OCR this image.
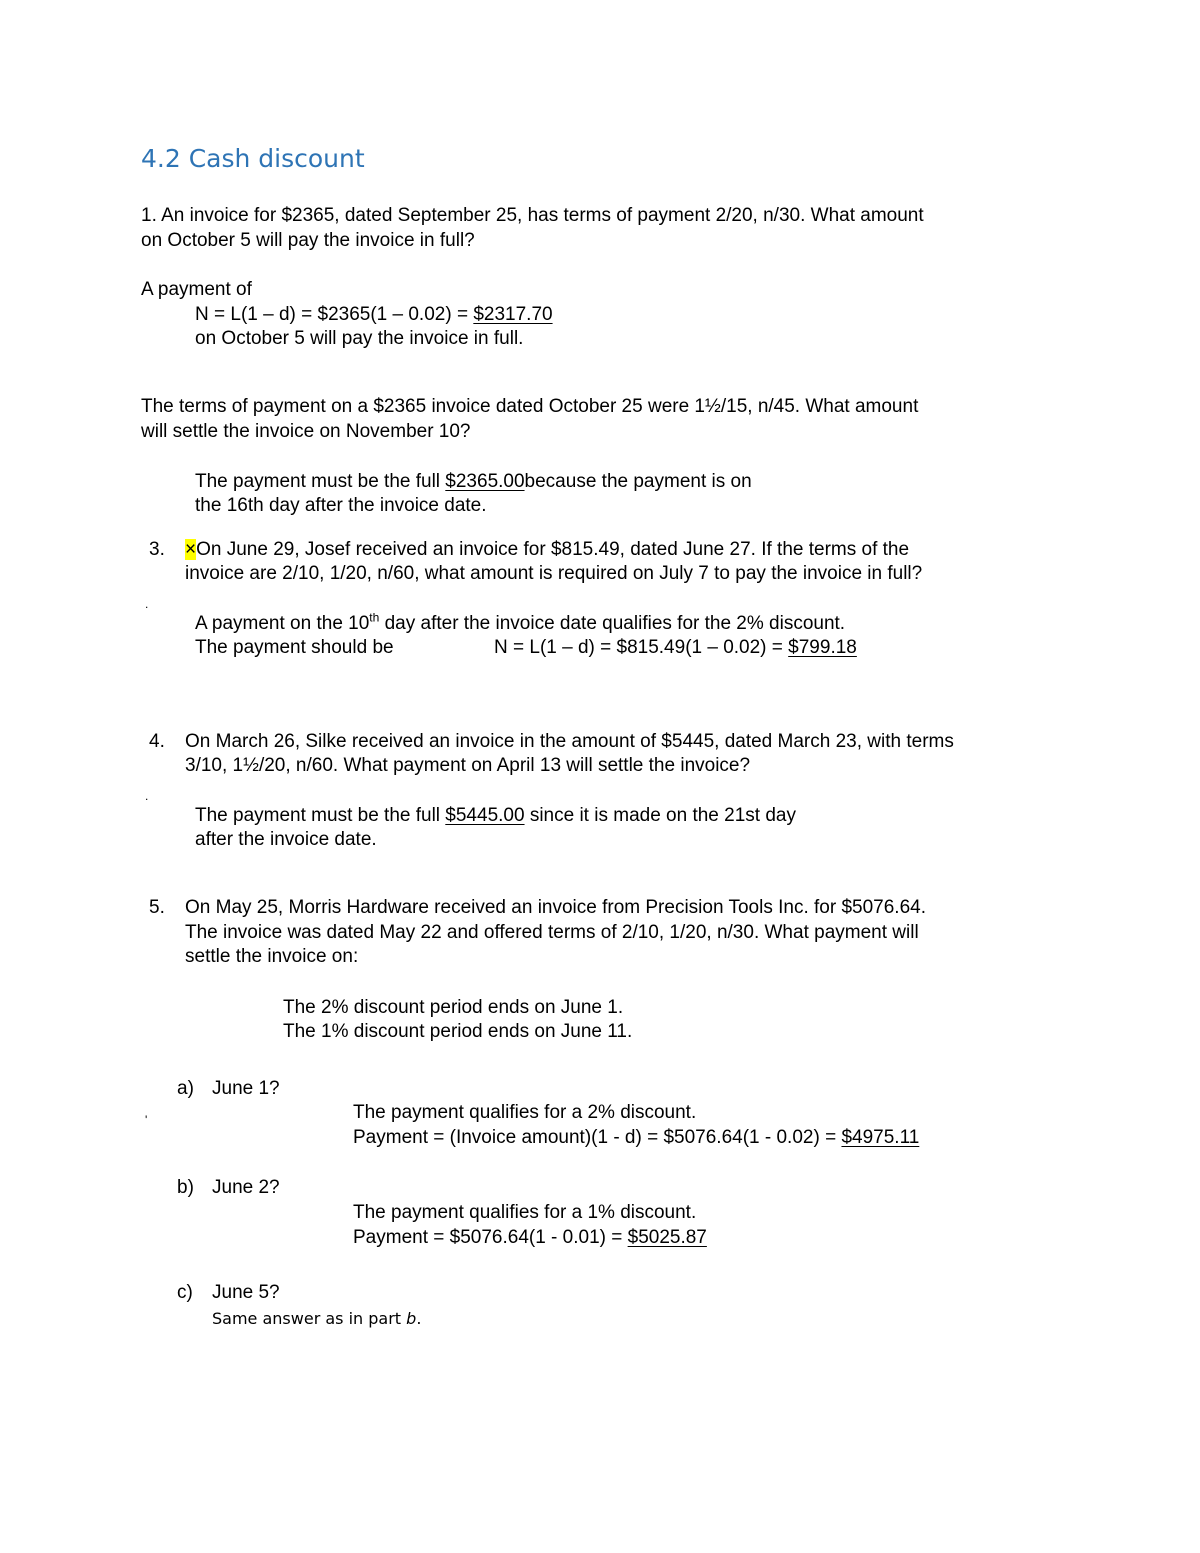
4.2 Cash discount
1. An invoice for $2365, dated September 25, has terms of payment 2/20, n/30. What amount
on October 5 will pay the invoice in full?
A payment of
N = L(1 – d) = $2365(1 – 0.02) = $2317.70
on October 5 will pay the invoice in full.
The terms of payment on a $2365 invoice dated October 25 were 1½/15, n/45. What amount
will settle the invoice on November 10?
The payment must be the full $2365.00because the payment is on
the 16th day after the invoice date.
3. ×On June 29, Josef received an invoice for $815.49, dated June 27. If the terms of the
invoice are 2/10, 1/20, n/60, what amount is required on July 7 to pay the invoice in full?
.
A payment on the 10th day after the invoice date qualifies for the 2% discount.
The payment should be	N = L(1 – d) = $815.49(1 – 0.02) = $799.18
4. On March 26, Silke received an invoice in the amount of $5445, dated March 23, with terms
3/10, 1½/20, n/60. What payment on April 13 will settle the invoice?
.
The payment must be the full $5445.00 since it is made on the 21st day
after the invoice date.
5. On May 25, Morris Hardware received an invoice from Precision Tools Inc. for $5076.64.
The invoice was dated May 22 and offered terms of 2/10, 1/20, n/30. What payment will
settle the invoice on:
The 2% discount period ends on June 1.
The 1% discount period ends on June 11.
a) June 1?
'	The payment qualifies for a 2% discount.
Payment = (Invoice amount)(1 - d) = $5076.64(1 - 0.02) = $4975.11
b) June 2?
The payment qualifies for a 1% discount.
Payment = $5076.64(1 - 0.01) = $5025.87
c) June 5?
Same answer as in part b.
